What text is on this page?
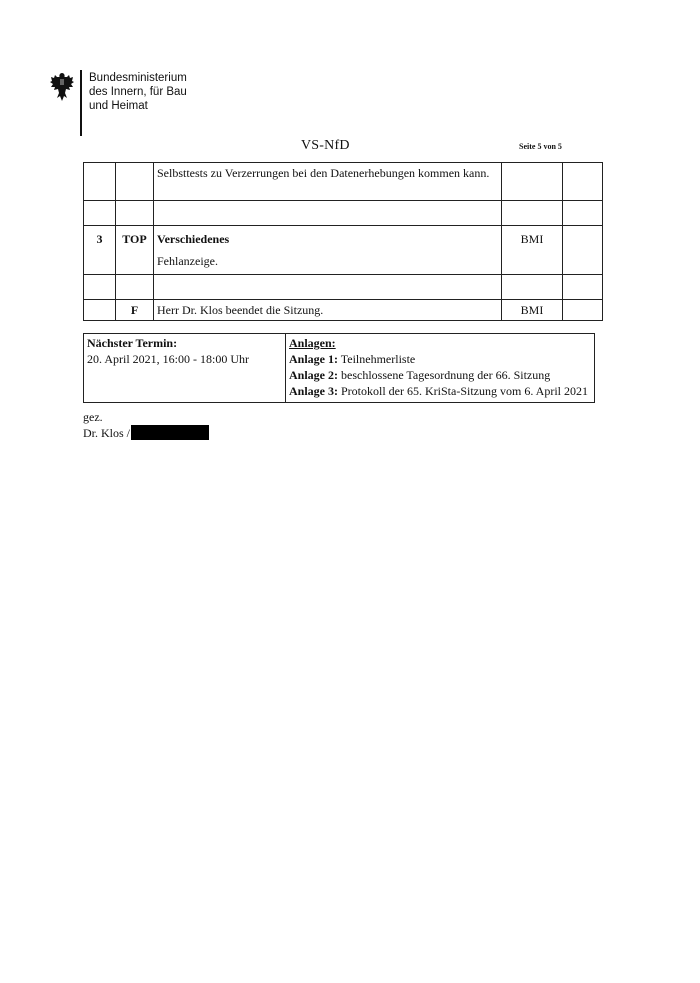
Bundesministerium
des Innern, für Bau
und Heimat
VS-NfD	Seite 5 von 5
		Selbsttests zu Verzerrungen bei den Datenerhebungen kommen kann.		

3	TOP	Verschiedenes
Fehlanzeige.	BMI	

	F	Herr Dr. Klos beendet die Sitzung.	BMI	
Nächster Termin:
20. April 2021, 16:00 - 18:00 Uhr

Anlagen:
Anlage 1: Teilnehmerliste
Anlage 2: beschlossene Tagesordnung der 66. Sitzung
Anlage 3: Protokoll der 65. KriSta-Sitzung vom 6. April 2021
gez.
Dr. Klos /
